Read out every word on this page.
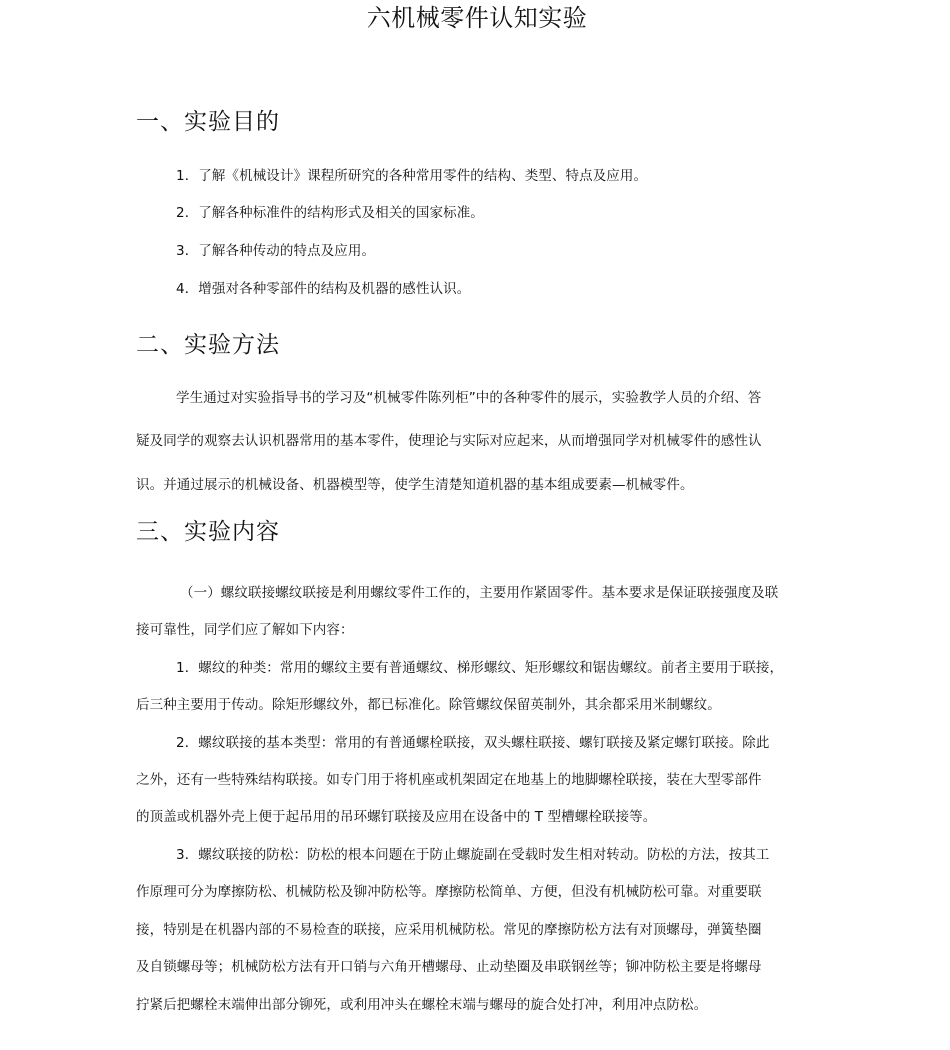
六机械零件认知实验
一、实验目的
1．了解《机械设计》课程所研究的各种常用零件的结构、类型、特点及应用。
2．了解各种标准件的结构形式及相关的国家标准。
3．了解各种传动的特点及应用。
4．增强对各种零部件的结构及机器的感性认识。
二、实验方法
学生通过对实验指导书的学习及“机械零件陈列柜”中的各种零件的展示，实验教学人员的介绍、答
疑及同学的观察去认识机器常用的基本零件，使理论与实际对应起来，从而增强同学对机械零件的感性认
识。并通过展示的机械设备、机器模型等，使学生清楚知道机器的基本组成要素—机械零件。
三、实验内容
（一）螺纹联接螺纹联接是利用螺纹零件工作的，主要用作紧固零件。基本要求是保证联接强度及联
接可靠性，同学们应了解如下内容：
1．螺纹的种类：常用的螺纹主要有普通螺纹、梯形螺纹、矩形螺纹和锯齿螺纹。前者主要用于联接，
后三种主要用于传动。除矩形螺纹外，都已标准化。除管螺纹保留英制外，其余都采用米制螺纹。
2．螺纹联接的基本类型：常用的有普通螺栓联接，双头螺柱联接、螺钉联接及紧定螺钉联接。除此
之外，还有一些特殊结构联接。如专门用于将机座或机架固定在地基上的地脚螺栓联接，装在大型零部件
的顶盖或机器外壳上便于起吊用的吊环螺钉联接及应用在设备中的 T 型槽螺栓联接等。
3．螺纹联接的防松：防松的根本问题在于防止螺旋副在受载时发生相对转动。防松的方法，按其工
作原理可分为摩擦防松、机械防松及铆冲防松等。摩擦防松简单、方便，但没有机械防松可靠。对重要联
接，特别是在机器内部的不易检查的联接，应采用机械防松。常见的摩擦防松方法有对顶螺母，弹簧垫圈
及自锁螺母等；机械防松方法有开口销与六角开槽螺母、止动垫圈及串联钢丝等；铆冲防松主要是将螺母
拧紧后把螺栓末端伸出部分铆死，或利用冲头在螺栓末端与螺母的旋合处打冲，利用冲点防松。
